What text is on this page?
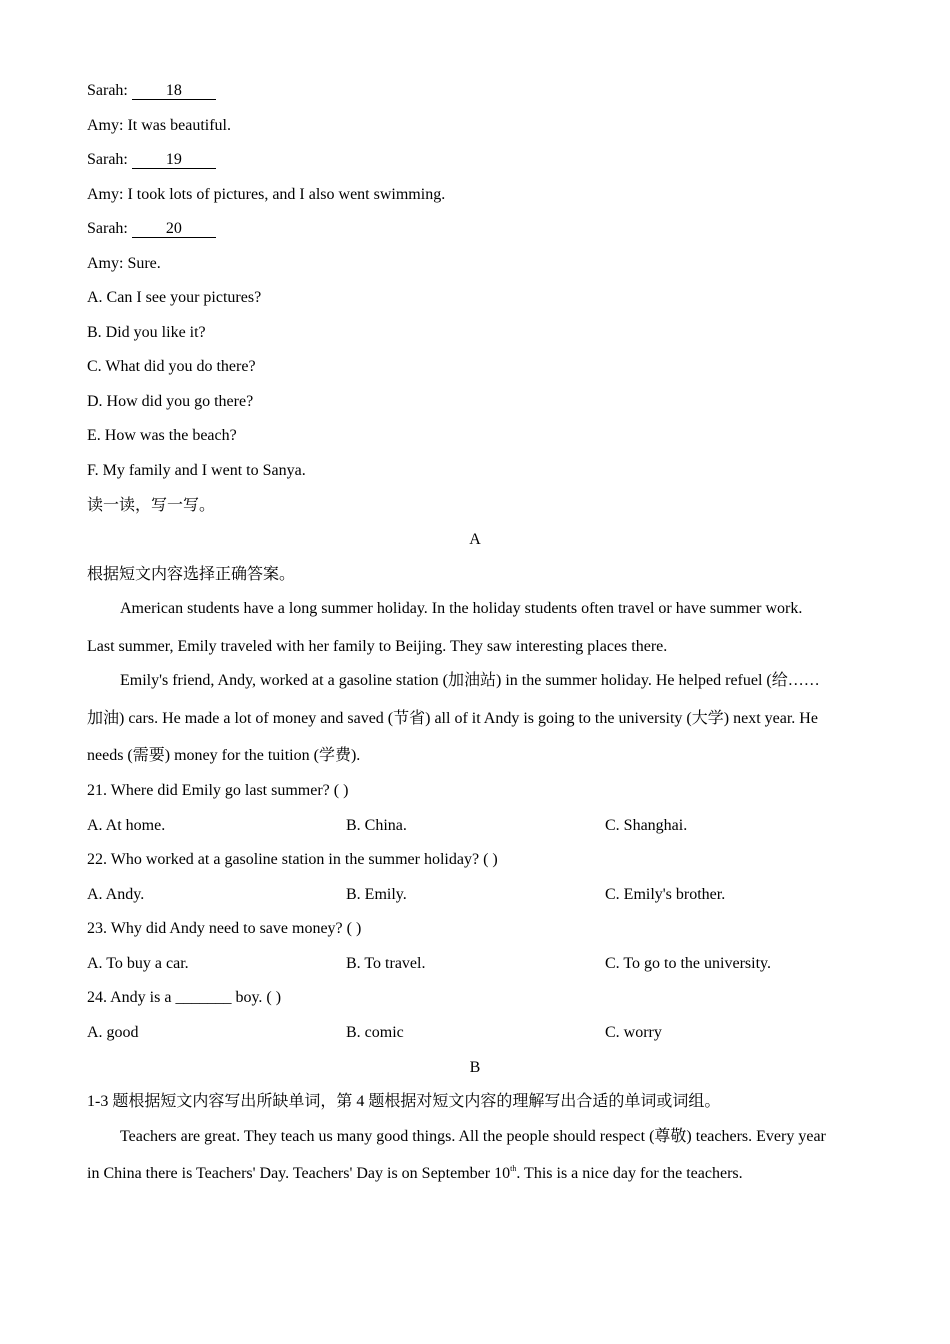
Sarah: 18
Amy: It was beautiful.
Sarah: 19
Amy: I took lots of pictures, and I also went swimming.
Sarah: 20
Amy: Sure.
A. Can I see your pictures?
B. Did you like it?
C. What did you do there?
D. How did you go there?
E. How was the beach?
F. My family and I went to Sanya.
读一读，写一写。
A
根据短文内容选择正确答案。
American students have a long summer holiday. In the holiday students often travel or have summer work.
Last summer, Emily traveled with her family to Beijing. They saw interesting places there.
Emily's friend, Andy, worked at a gasoline station (加油站) in the summer holiday. He helped refuel (给……
加油) cars. He made a lot of money and saved (节省) all of it Andy is going to the university (大学) next year. He
needs (需要) money for the tuition (学费).
21. Where did Emily go last summer? ( )
A. At home.	B. China.	C. Shanghai.
22. Who worked at a gasoline station in the summer holiday? ( )
A. Andy.	B. Emily.	C. Emily's brother.
23. Why did Andy need to save money? ( )
A. To buy a car.	B. To travel.	C. To go to the university.
24. Andy is a _______ boy. ( )
A. good	B. comic	C. worry
B
1-3 题根据短文内容写出所缺单词，第 4 题根据对短文内容的理解写出合适的单词或词组。
Teachers are great. They teach us many good things. All the people should respect (尊敬) teachers. Every year
in China there is Teachers' Day. Teachers' Day is on September 10th. This is a nice day for the teachers.
